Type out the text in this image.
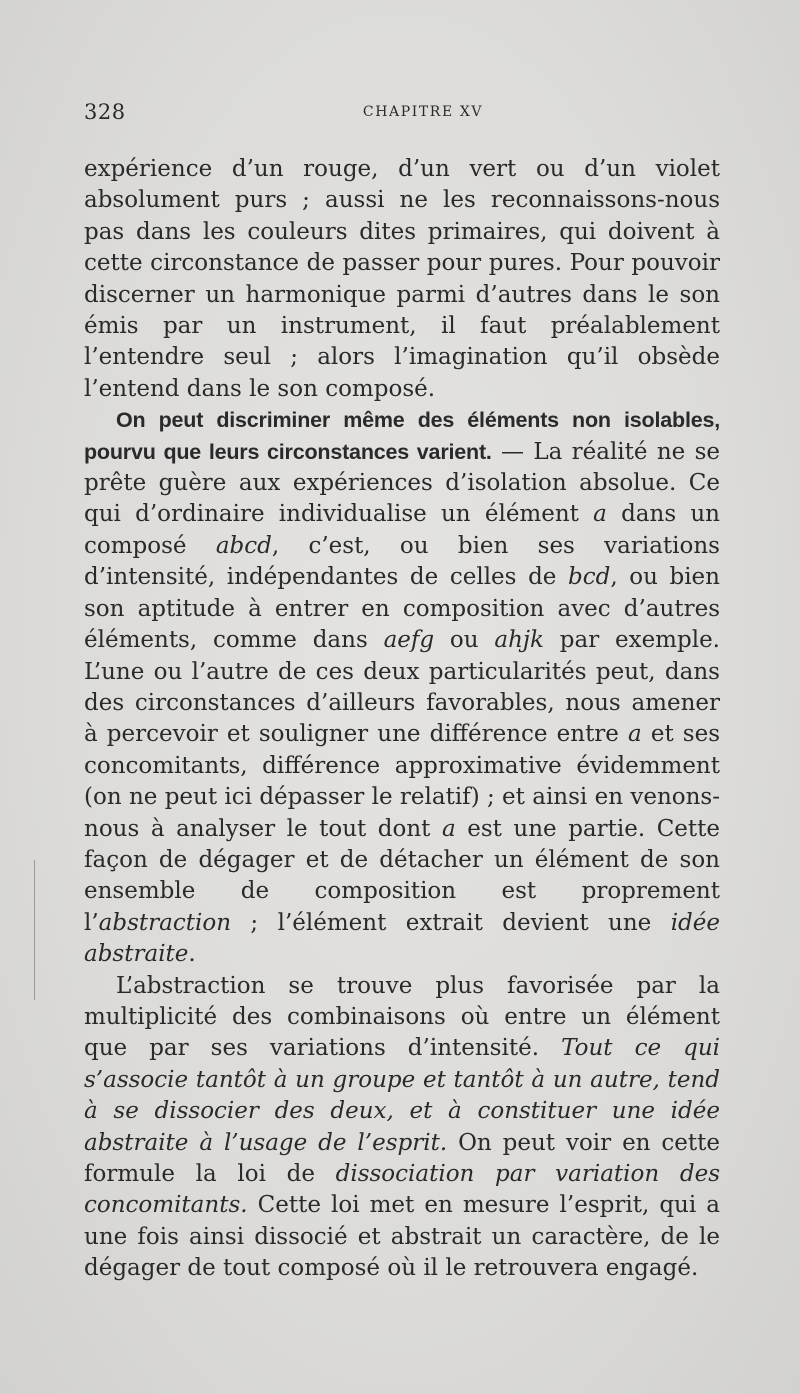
328	CHAPITRE XV

expérience d’un rouge, d’un vert ou d’un violet absolument purs ; aussi ne les reconnaissons-nous pas dans les couleurs dites primaires, qui doivent à cette circonstance de passer pour pures. Pour pouvoir discerner un harmonique parmi d’autres dans le son émis par un instrument, il faut préalablement l’entendre seul ; alors l’imagination qu’il obsède l’entend dans le son composé.

On peut discriminer même des éléments non isolables, pourvu que leurs circonstances varient. — La réalité ne se prête guère aux expériences d’isolation absolue. Ce qui d’ordinaire individualise un élément a dans un composé abcd, c’est, ou bien ses variations d’intensité, indépendantes de celles de bcd, ou bien son aptitude à entrer en composition avec d’autres éléments, comme dans aefg ou ahjk par exemple. L’une ou l’autre de ces deux particularités peut, dans des circonstances d’ailleurs favorables, nous amener à percevoir et souligner une différence entre a et ses concomitants, différence approximative évidemment (on ne peut ici dépasser le relatif) ; et ainsi en venons-nous à analyser le tout dont a est une partie. Cette façon de dégager et de détacher un élément de son ensemble de composition est proprement l’abstraction ; l’élément extrait devient une idée abstraite.

L’abstraction se trouve plus favorisée par la multiplicité des combinaisons où entre un élément que par ses variations d’intensité. Tout ce qui s’associe tantôt à un groupe et tantôt à un autre, tend à se dissocier des deux, et à constituer une idée abstraite à l’usage de l’esprit. On peut voir en cette formule la loi de dissociation par variation des concomitants. Cette loi met en mesure l’esprit, qui a une fois ainsi dissocié et abstrait un caractère, de le dégager de tout composé où il le retrouvera engagé.
